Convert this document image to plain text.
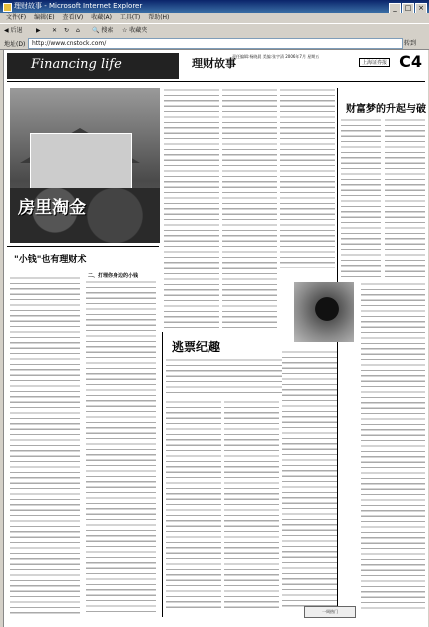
理财故事 - Microsoft Internet Explorer	_ □ ×
文件(F) 编辑(E) 查看(V) 收藏(A) 工具(T) 帮助(H)
◀ 后退 ▶ ✕ ↻ ⌂ 🔍 搜索 ☆ 收藏夹
地址(D)	http://www.cnstock.com/	转到
Financing life	理财故事
责任编辑:杨晓晨 美编:张宇清 2006年7月 星期五
上海证券报 C4
房里淘金
财富梦的升起与破
"小钱"也有理财术
二、打理你身边的小钱
逃票纪趣
一周热门
